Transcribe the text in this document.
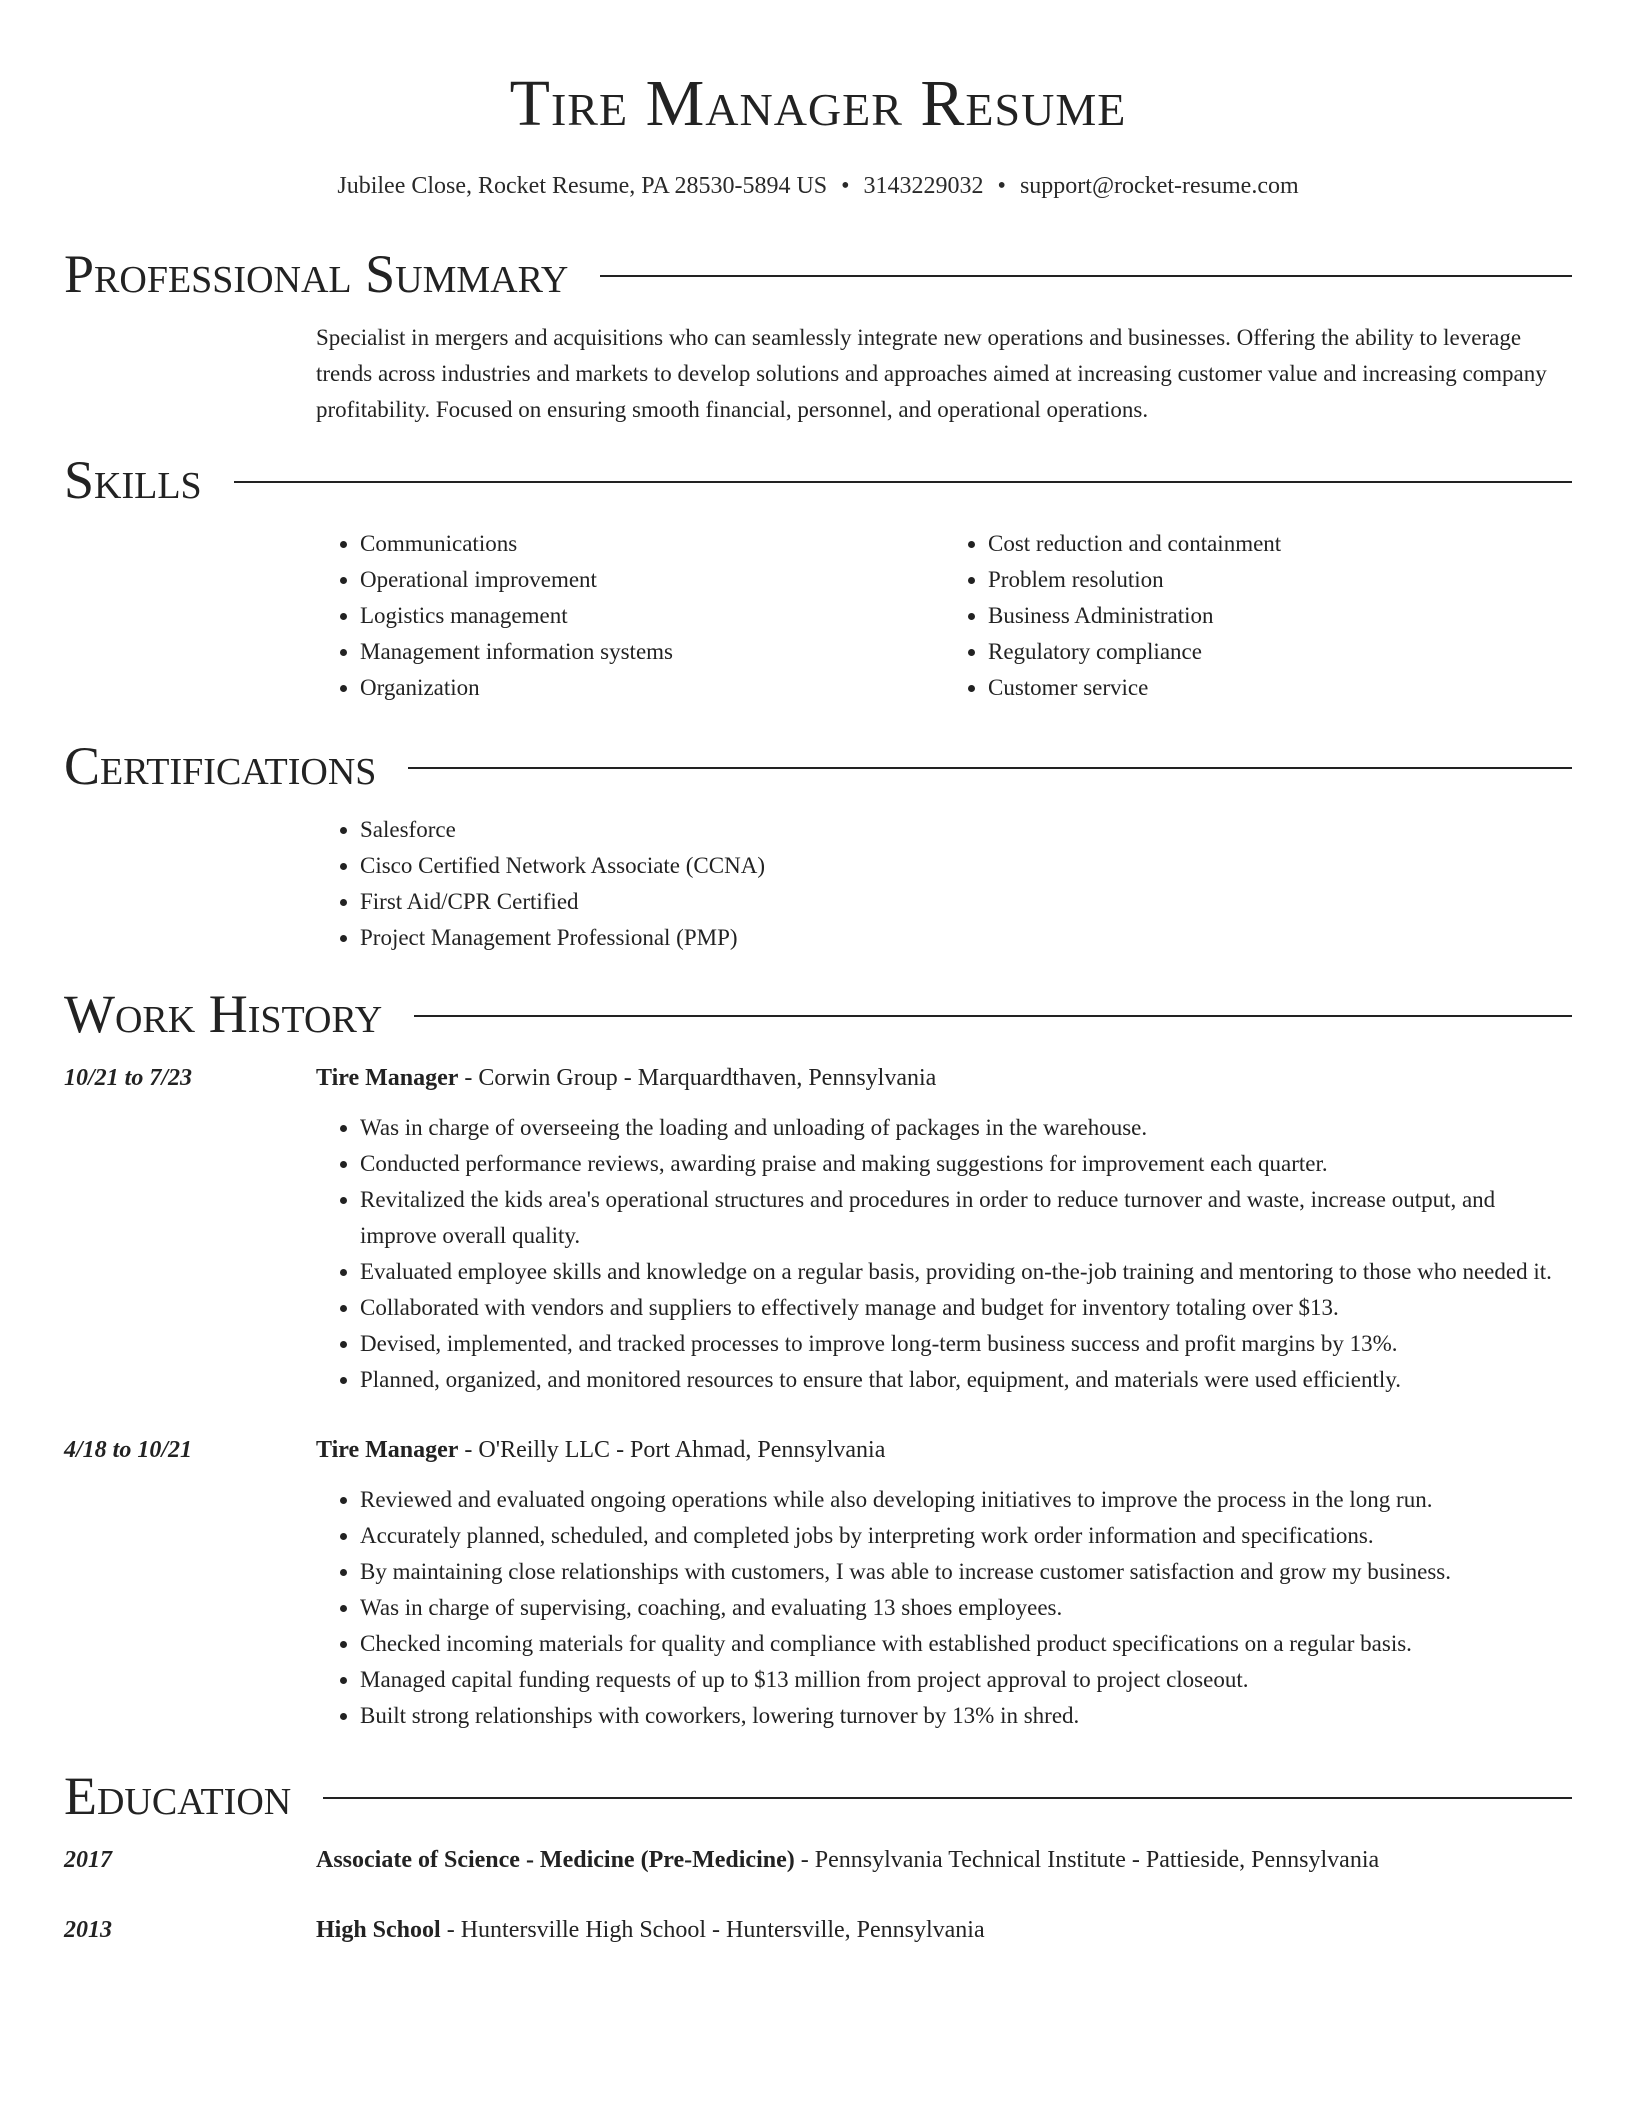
Tire Manager Resume
Jubilee Close, Rocket Resume, PA 28530-5894 US • 3143229032 • support@rocket-resume.com
Professional Summary
Specialist in mergers and acquisitions who can seamlessly integrate new operations and businesses. Offering the ability to leverage trends across industries and markets to develop solutions and approaches aimed at increasing customer value and increasing company profitability. Focused on ensuring smooth financial, personnel, and operational operations.
Skills
• Communications
• Operational improvement
• Logistics management
• Management information systems
• Organization
• Cost reduction and containment
• Problem resolution
• Business Administration
• Regulatory compliance
• Customer service
Certifications
• Salesforce
• Cisco Certified Network Associate (CCNA)
• First Aid/CPR Certified
• Project Management Professional (PMP)
Work History
10/21 to 7/23	Tire Manager - Corwin Group - Marquardthaven, Pennsylvania
• Was in charge of overseeing the loading and unloading of packages in the warehouse.
• Conducted performance reviews, awarding praise and making suggestions for improvement each quarter.
• Revitalized the kids area's operational structures and procedures in order to reduce turnover and waste, increase output, and improve overall quality.
• Evaluated employee skills and knowledge on a regular basis, providing on-the-job training and mentoring to those who needed it.
• Collaborated with vendors and suppliers to effectively manage and budget for inventory totaling over $13.
• Devised, implemented, and tracked processes to improve long-term business success and profit margins by 13%.
• Planned, organized, and monitored resources to ensure that labor, equipment, and materials were used efficiently.
4/18 to 10/21	Tire Manager - O'Reilly LLC - Port Ahmad, Pennsylvania
• Reviewed and evaluated ongoing operations while also developing initiatives to improve the process in the long run.
• Accurately planned, scheduled, and completed jobs by interpreting work order information and specifications.
• By maintaining close relationships with customers, I was able to increase customer satisfaction and grow my business.
• Was in charge of supervising, coaching, and evaluating 13 shoes employees.
• Checked incoming materials for quality and compliance with established product specifications on a regular basis.
• Managed capital funding requests of up to $13 million from project approval to project closeout.
• Built strong relationships with coworkers, lowering turnover by 13% in shred.
Education
2017	Associate of Science - Medicine (Pre-Medicine) - Pennsylvania Technical Institute - Pattieside, Pennsylvania
2013	High School - Huntersville High School - Huntersville, Pennsylvania
